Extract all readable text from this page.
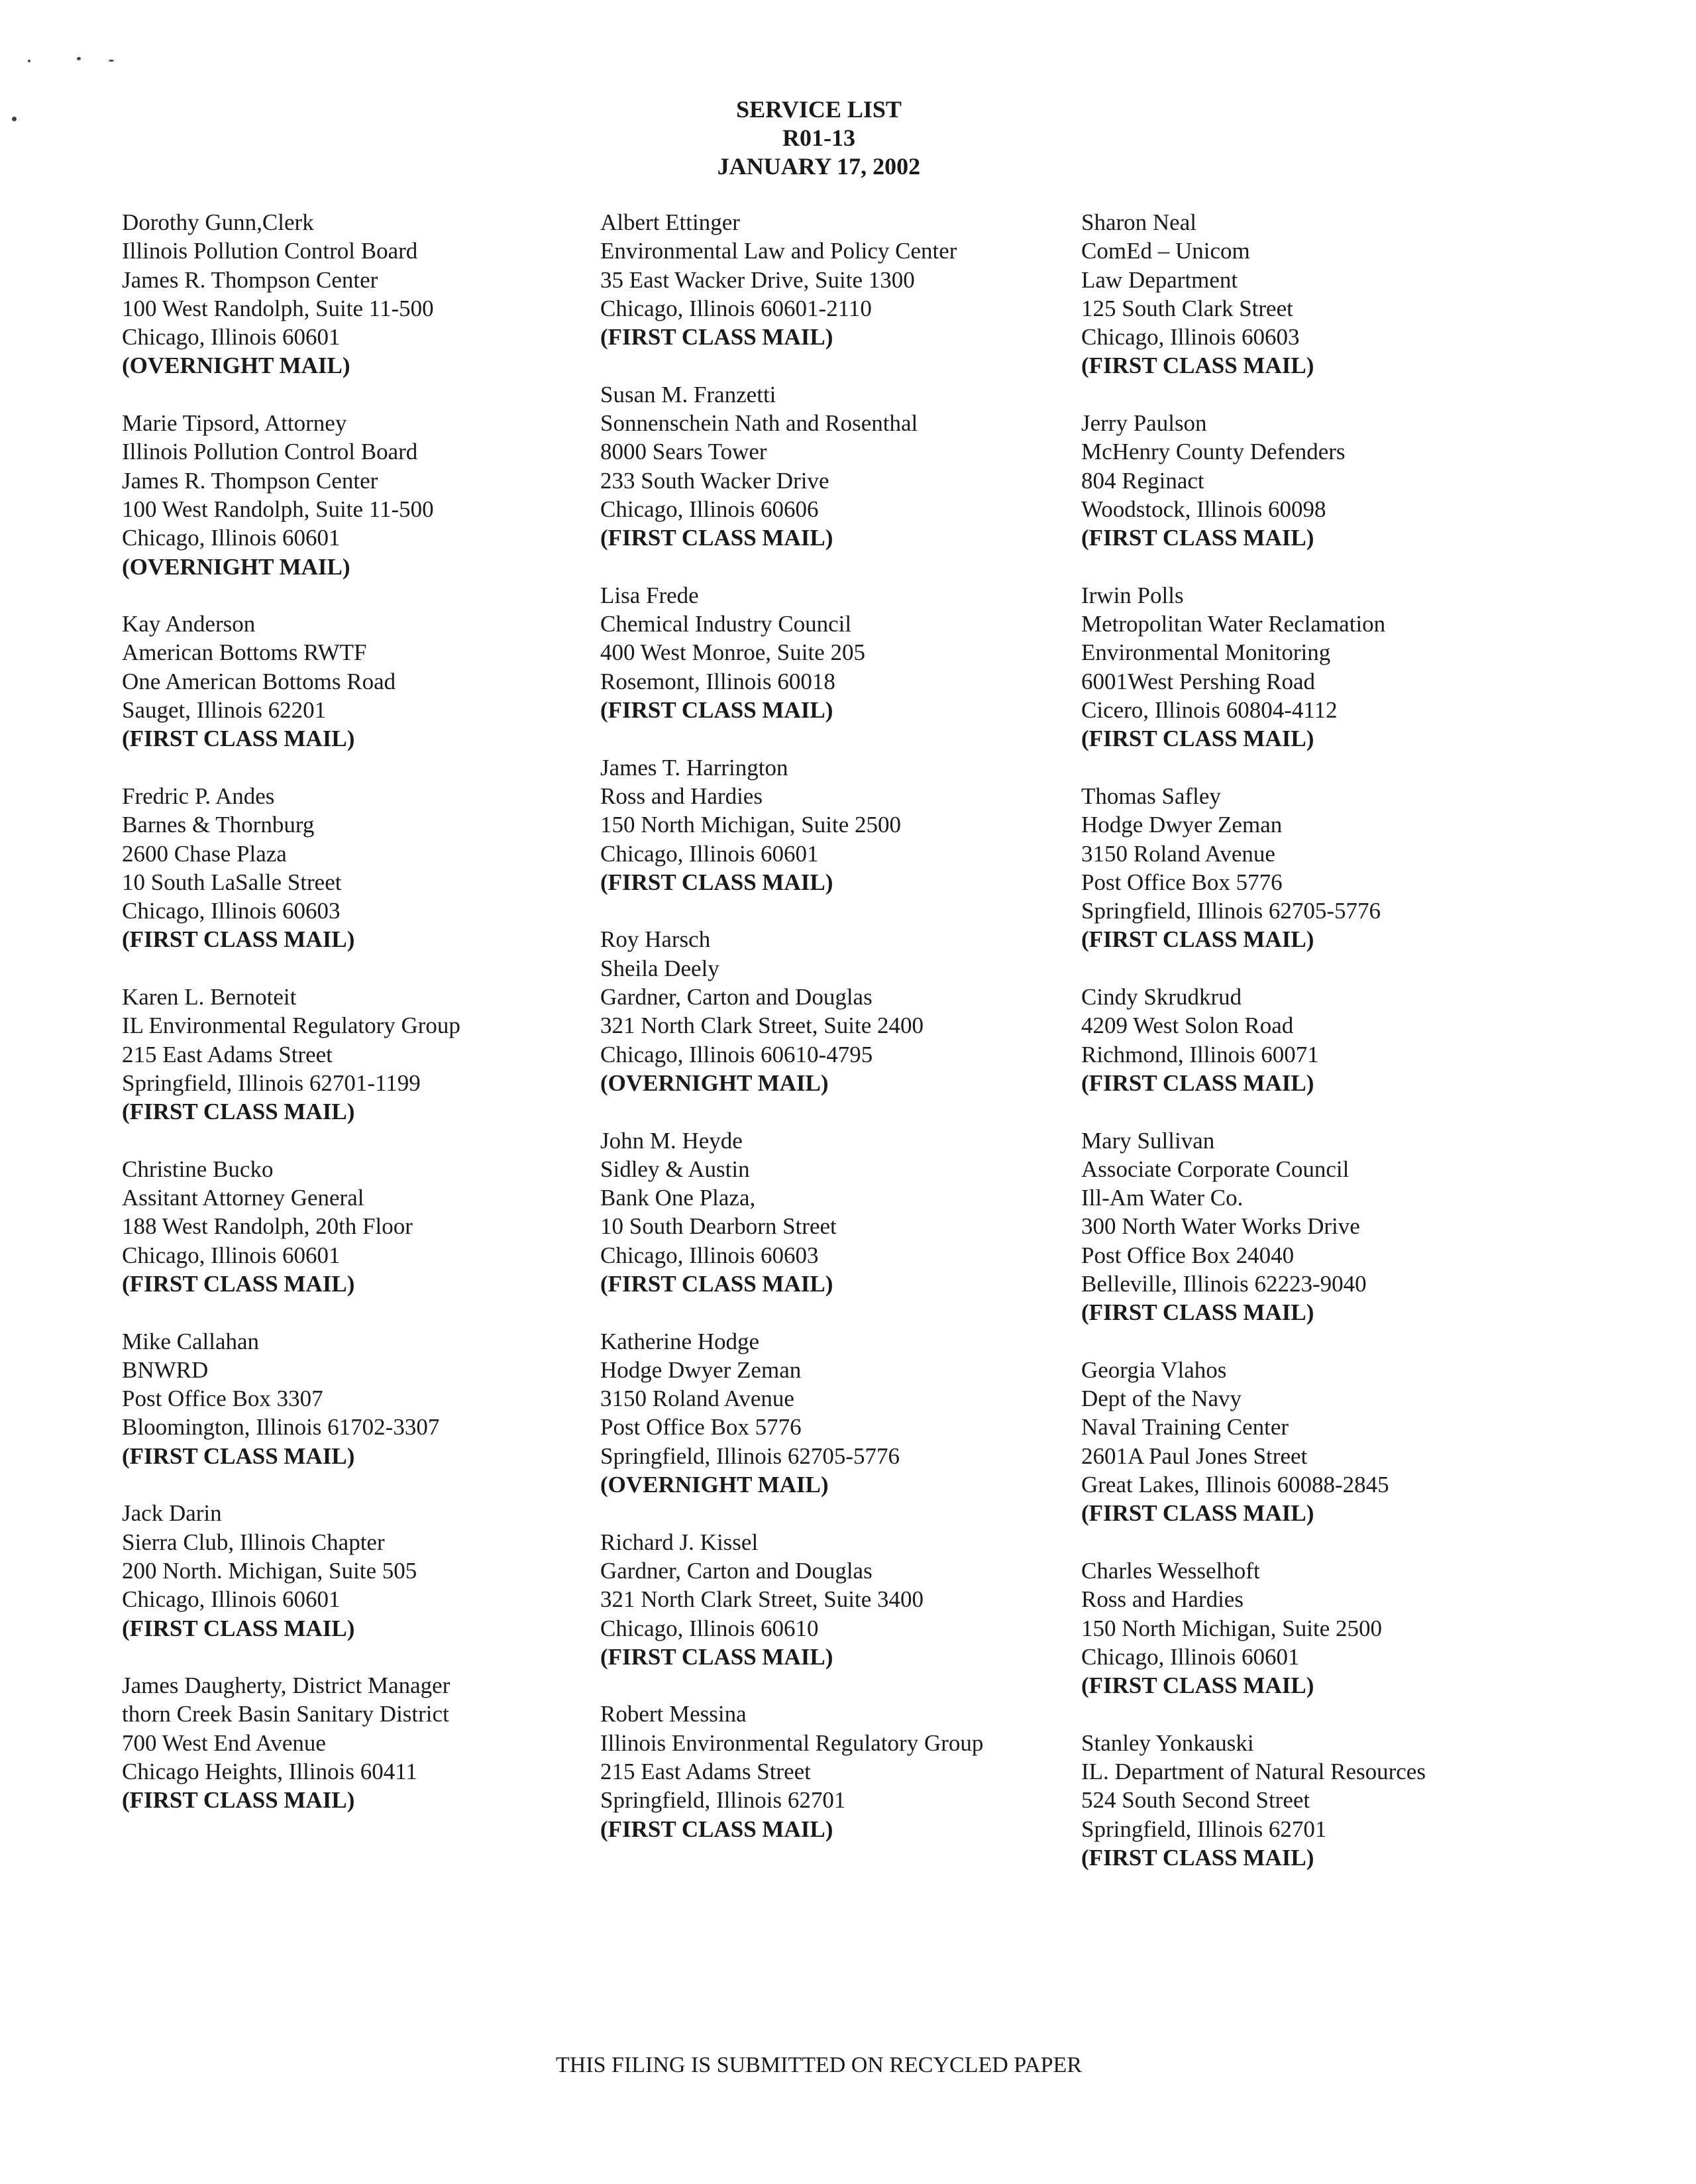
SERVICE LIST
R01-13
JANUARY 17, 2002
Dorothy Gunn,Clerk
Illinois Pollution Control Board
James R. Thompson Center
100 West Randolph, Suite 11-500
Chicago, Illinois 60601
(OVERNIGHT MAIL)
Marie Tipsord, Attorney
Illinois Pollution Control Board
James R. Thompson Center
100 West Randolph, Suite 11-500
Chicago, Illinois 60601
(OVERNIGHT MAIL)
Kay Anderson
American Bottoms RWTF
One American Bottoms Road
Sauget, Illinois 62201
(FIRST CLASS MAIL)
Fredric P. Andes
Barnes & Thornburg
2600 Chase Plaza
10 South LaSalle Street
Chicago, Illinois 60603
(FIRST CLASS MAIL)
Karen L. Bernoteit
IL Environmental Regulatory Group
215 East Adams Street
Springfield, Illinois 62701-1199
(FIRST CLASS MAIL)
Christine Bucko
Assitant Attorney General
188 West Randolph, 20th Floor
Chicago, Illinois 60601
(FIRST CLASS MAIL)
Mike Callahan
BNWRD
Post Office Box 3307
Bloomington, Illinois 61702-3307
(FIRST CLASS MAIL)
Jack Darin
Sierra Club, Illinois Chapter
200 North. Michigan, Suite 505
Chicago, Illinois 60601
(FIRST CLASS MAIL)
James Daugherty, District Manager
thorn Creek Basin Sanitary District
700 West End Avenue
Chicago Heights, Illinois 60411
(FIRST CLASS MAIL)
Albert Ettinger
Environmental Law and Policy Center
35 East Wacker Drive, Suite 1300
Chicago, Illinois 60601-2110
(FIRST CLASS MAIL)
Susan M. Franzetti
Sonnenschein Nath and Rosenthal
8000 Sears Tower
233 South Wacker Drive
Chicago, Illinois 60606
(FIRST CLASS MAIL)
Lisa Frede
Chemical Industry Council
400 West Monroe, Suite 205
Rosemont, Illinois 60018
(FIRST CLASS MAIL)
James T. Harrington
Ross and Hardies
150 North Michigan, Suite 2500
Chicago, Illinois 60601
(FIRST CLASS MAIL)
Roy Harsch
Sheila Deely
Gardner, Carton and Douglas
321 North Clark Street, Suite 2400
Chicago, Illinois 60610-4795
(OVERNIGHT MAIL)
John M. Heyde
Sidley & Austin
Bank One Plaza,
10 South Dearborn Street
Chicago, Illinois 60603
(FIRST CLASS MAIL)
Katherine Hodge
Hodge Dwyer Zeman
3150 Roland Avenue
Post Office Box 5776
Springfield, Illinois 62705-5776
(OVERNIGHT MAIL)
Richard J. Kissel
Gardner, Carton and Douglas
321 North Clark Street, Suite 3400
Chicago, Illinois 60610
(FIRST CLASS MAIL)
Robert Messina
Illinois Environmental Regulatory Group
215 East Adams Street
Springfield, Illinois 62701
(FIRST CLASS MAIL)
Sharon Neal
ComEd – Unicom
Law Department
125 South Clark Street
Chicago, Illinois 60603
(FIRST CLASS MAIL)
Jerry Paulson
McHenry County Defenders
804 Reginact
Woodstock, Illinois 60098
(FIRST CLASS MAIL)
Irwin Polls
Metropolitan Water Reclamation
Environmental Monitoring
6001West Pershing Road
Cicero, Illinois 60804-4112
(FIRST CLASS MAIL)
Thomas Safley
Hodge Dwyer Zeman
3150 Roland Avenue
Post Office Box 5776
Springfield, Illinois 62705-5776
(FIRST CLASS MAIL)
Cindy Skrudkrud
4209 West Solon Road
Richmond, Illinois 60071
(FIRST CLASS MAIL)
Mary Sullivan
Associate Corporate Council
Ill-Am Water Co.
300 North Water Works Drive
Post Office Box 24040
Belleville, Illinois 62223-9040
(FIRST CLASS MAIL)
Georgia Vlahos
Dept of the Navy
Naval Training Center
2601A Paul Jones Street
Great Lakes, Illinois 60088-2845
(FIRST CLASS MAIL)
Charles Wesselhoft
Ross and Hardies
150 North Michigan, Suite 2500
Chicago, Illinois 60601
(FIRST CLASS MAIL)
Stanley Yonkauski
IL. Department of Natural Resources
524 South Second Street
Springfield, Illinois 62701
(FIRST CLASS MAIL)
THIS FILING IS SUBMITTED ON RECYCLED PAPER
